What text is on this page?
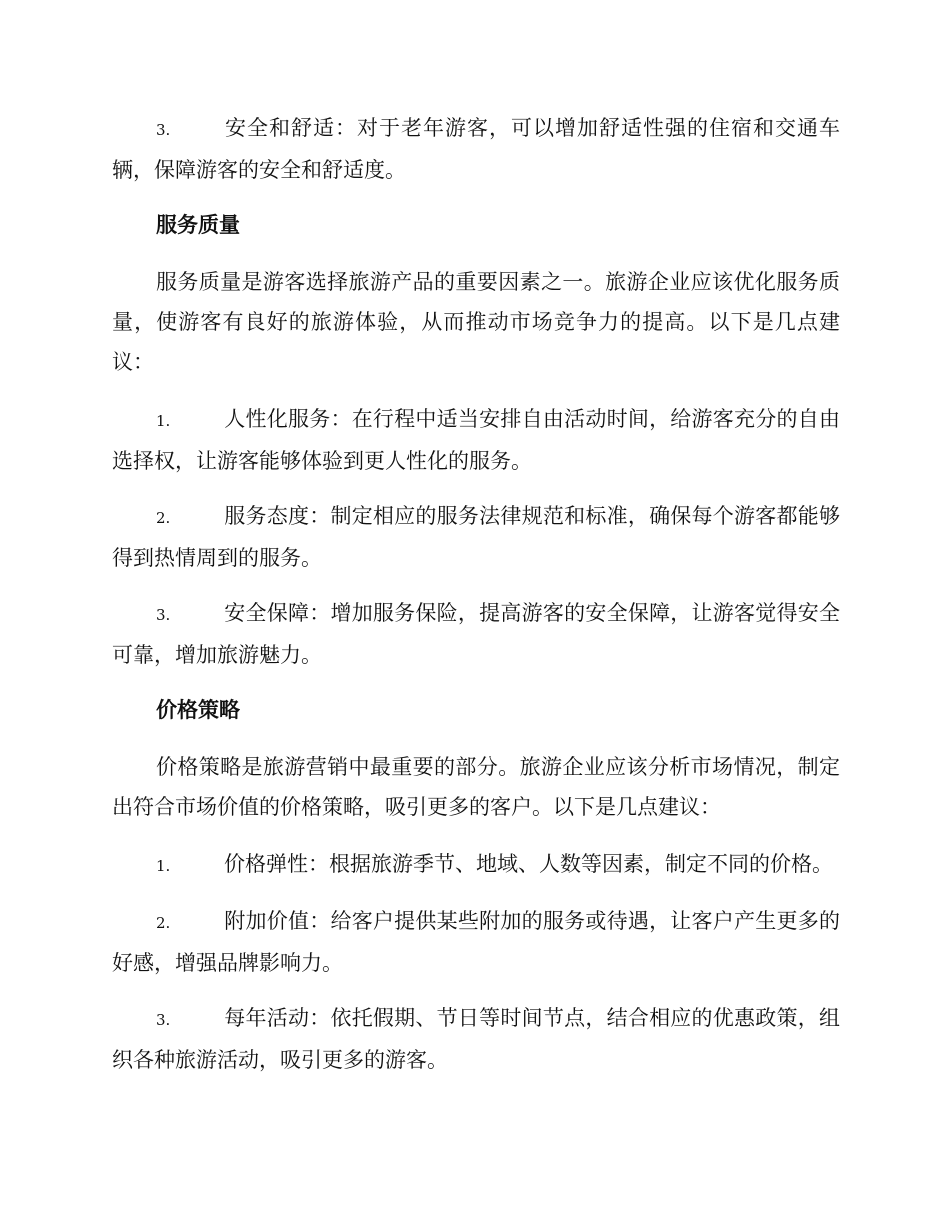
3.	安全和舒适：对于老年游客，可以增加舒适性强的住宿和交通车辆，保障游客的安全和舒适度。

服务质量

服务质量是游客选择旅游产品的重要因素之一。旅游企业应该优化服务质量，使游客有良好的旅游体验，从而推动市场竞争力的提高。以下是几点建议：

1.	人性化服务：在行程中适当安排自由活动时间，给游客充分的自由选择权，让游客能够体验到更人性化的服务。

2.	服务态度：制定相应的服务法律规范和标准，确保每个游客都能够得到热情周到的服务。

3.	安全保障：增加服务保险，提高游客的安全保障，让游客觉得安全可靠，增加旅游魅力。

价格策略

价格策略是旅游营销中最重要的部分。旅游企业应该分析市场情况，制定出符合市场价值的价格策略，吸引更多的客户。以下是几点建议：

1.	价格弹性：根据旅游季节、地域、人数等因素，制定不同的价格。

2.	附加价值：给客户提供某些附加的服务或待遇，让客户产生更多的好感，增强品牌影响力。

3.	每年活动：依托假期、节日等时间节点，结合相应的优惠政策，组织各种旅游活动，吸引更多的游客。
